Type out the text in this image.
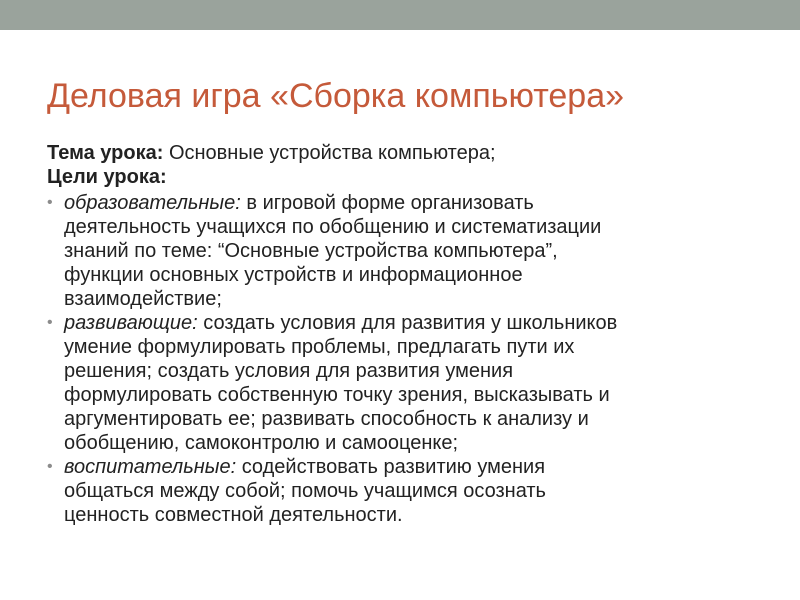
Деловая игра «Сборка компьютера»

Тема урока: Основные устройства компьютера;

Цели урока:

• образовательные: в игровой форме организовать
деятельность учащихся по обобщению и систематизации
знаний по теме: “Основные устройства компьютера”,
функции основных устройств и информационное
взаимодействие;
• развивающие: создать условия для развития у школьников
умение формулировать проблемы, предлагать пути их
решения; создать условия для развития умения
формулировать собственную точку зрения, высказывать и
аргументировать ее; развивать способность к анализу и
обобщению, самоконтролю и самооценке;
• воспитательные: содействовать развитию умения
общаться между собой; помочь учащимся осознать
ценность совместной деятельности.
